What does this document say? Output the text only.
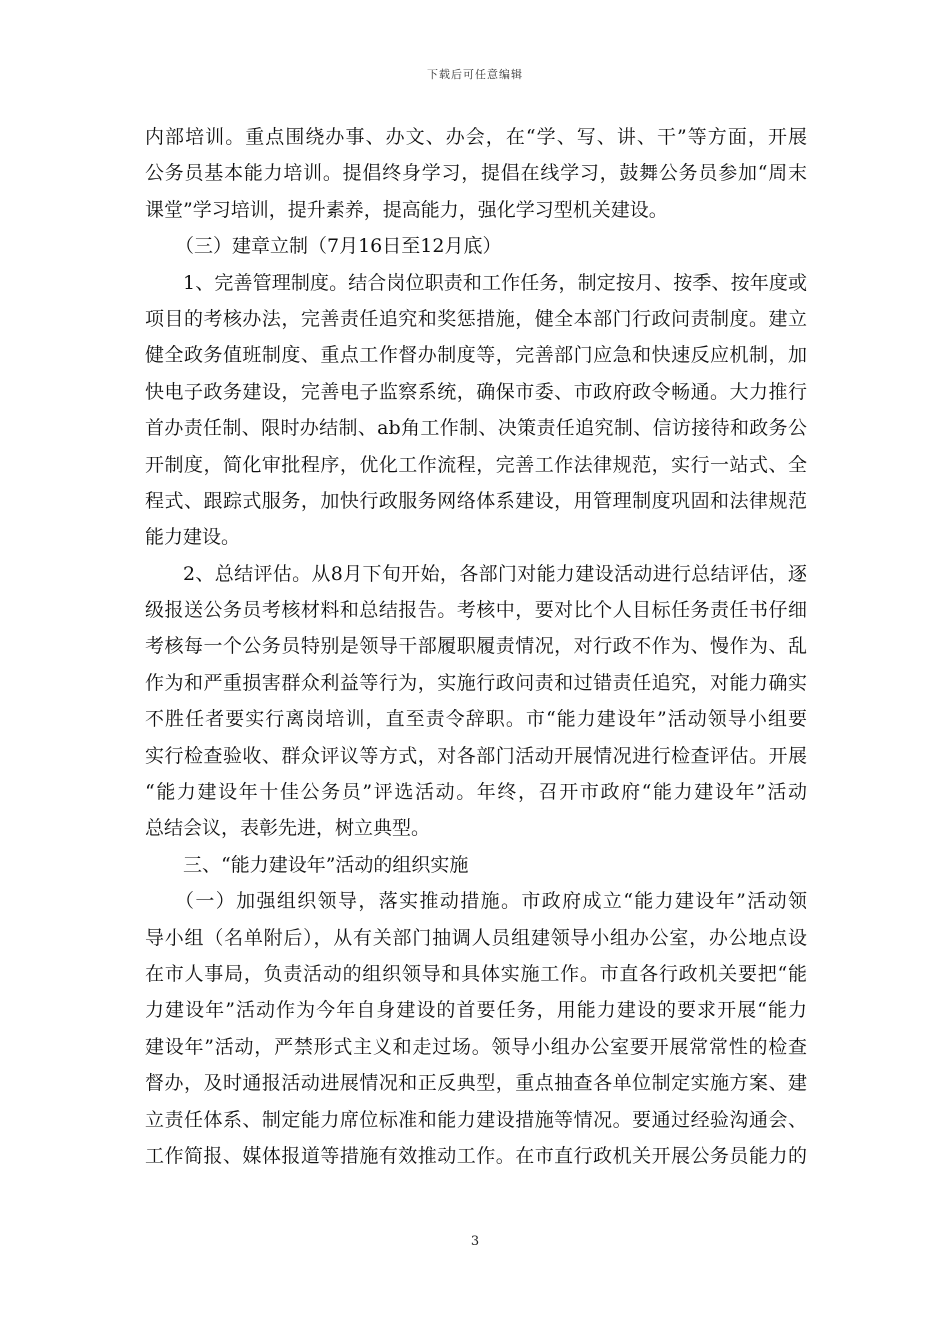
下载后可任意编辑
内部培训。重点围绕办事、办文、办会，在“学、写、讲、干”等方面，开展
公务员基本能力培训。提倡终身学习，提倡在线学习，鼓舞公务员参加“周末
课堂”学习培训，提升素养，提高能力，强化学习型机关建设。
（三）建章立制（7月16日至12月底）
1、完善管理制度。结合岗位职责和工作任务，制定按月、按季、按年度或
项目的考核办法，完善责任追究和奖惩措施，健全本部门行政问责制度。建立
健全政务值班制度、重点工作督办制度等，完善部门应急和快速反应机制，加
快电子政务建设，完善电子监察系统，确保市委、市政府政令畅通。大力推行
首办责任制、限时办结制、ab角工作制、决策责任追究制、信访接待和政务公
开制度，简化审批程序，优化工作流程，完善工作法律规范，实行一站式、全
程式、跟踪式服务，加快行政服务网络体系建设，用管理制度巩固和法律规范
能力建设。
2、总结评估。从8月下旬开始，各部门对能力建设活动进行总结评估，逐
级报送公务员考核材料和总结报告。考核中，要对比个人目标任务责任书仔细
考核每一个公务员特别是领导干部履职履责情况，对行政不作为、慢作为、乱
作为和严重损害群众利益等行为，实施行政问责和过错责任追究，对能力确实
不胜任者要实行离岗培训，直至责令辞职。市“能力建设年”活动领导小组要
实行检查验收、群众评议等方式，对各部门活动开展情况进行检查评估。开展
“能力建设年十佳公务员”评选活动。年终，召开市政府“能力建设年”活动
总结会议，表彰先进，树立典型。
三、“能力建设年”活动的组织实施
（一）加强组织领导，落实推动措施。市政府成立“能力建设年”活动领
导小组（名单附后），从有关部门抽调人员组建领导小组办公室，办公地点设
在市人事局，负责活动的组织领导和具体实施工作。市直各行政机关要把“能
力建设年”活动作为今年自身建设的首要任务，用能力建设的要求开展“能力
建设年”活动，严禁形式主义和走过场。领导小组办公室要开展常常性的检查
督办，及时通报活动进展情况和正反典型，重点抽查各单位制定实施方案、建
立责任体系、制定能力席位标准和能力建设措施等情况。要通过经验沟通会、
工作简报、媒体报道等措施有效推动工作。在市直行政机关开展公务员能力的
3
